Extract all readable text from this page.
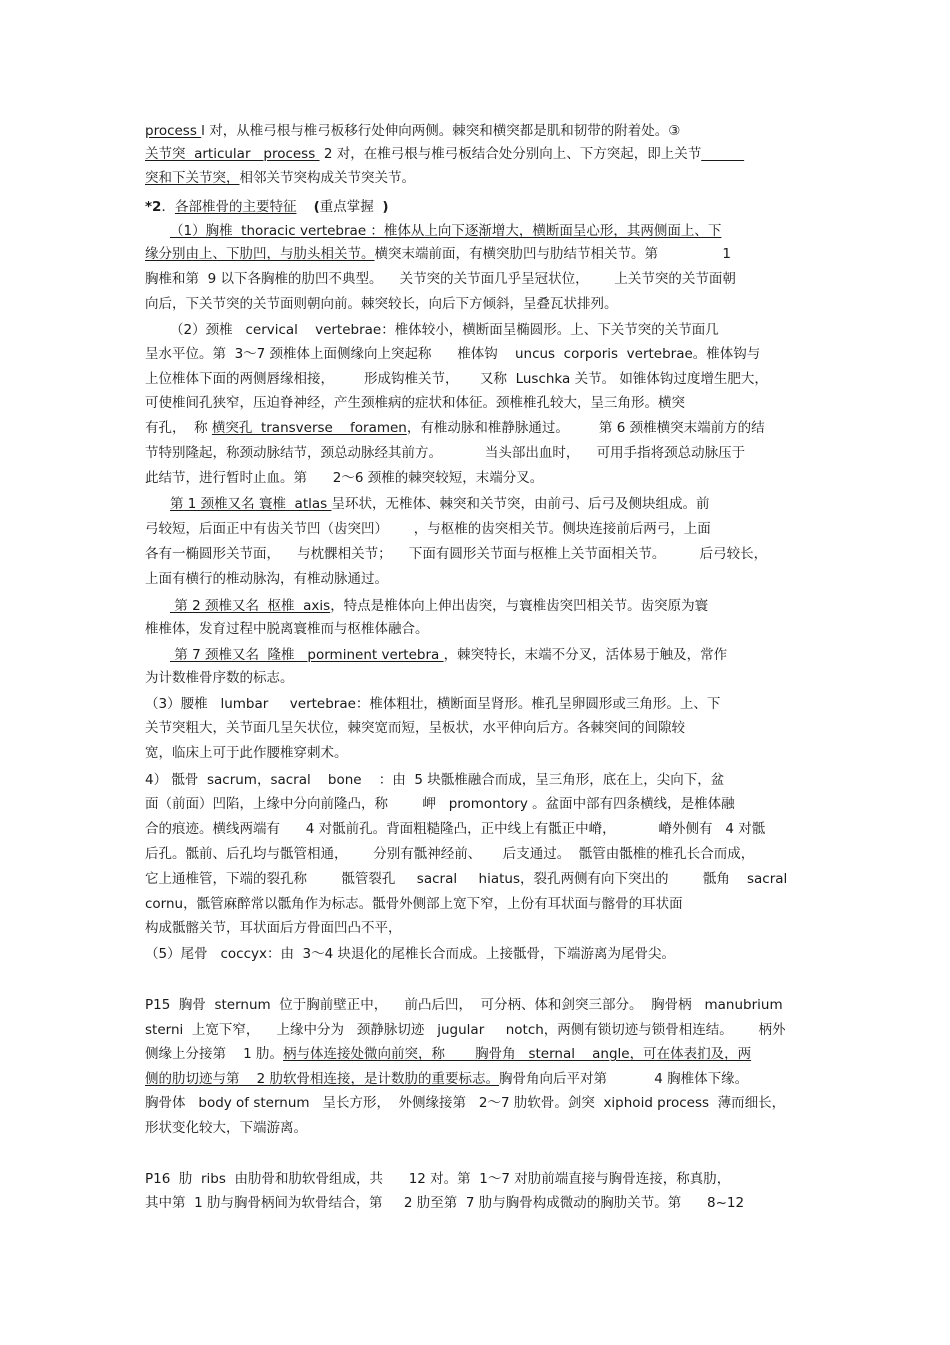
process l 对，从椎弓根与椎弓板移行处伸向两侧。棘突和横突都是肌和韧带的附着处。③
关节突  articular   process  2 对，在椎弓根与椎弓板结合处分别向上、下方突起，即上关节
突和下关节突，相邻关节突构成关节突关节。
*2．各部椎骨的主要特征 (重点掌握  )
（1）胸椎  thoracic vertebrae ：椎体从上向下逐渐增大，横断面呈心形，其两侧面上、下
缘分别由上、下肋凹，与肋头相关节。横突末端前面，有横突肋凹与肋结节相关节。第               1
胸椎和第  9 以下各胸椎的肋凹不典型。    关节突的关节面几乎呈冠状位，      上关节突的关节面朝
向后，下关节突的关节面则朝向前。棘突较长，向后下方倾斜，呈叠瓦状排列。
（2）颈椎   cervical    vertebrae：椎体较小，横断面呈椭圆形。上、下关节突的关节面几
呈水平位。第  3～7 颈椎体上面侧缘向上突起称      椎体钩    uncus  corporis  vertebrae。椎体钩与
上位椎体下面的两侧唇缘相接，       形成钩椎关节，     又称  Luschka 关节。 如锥体钩过度增生肥大，
可使椎间孔狭窄，压迫脊神经，产生颈椎病的症状和体征。颈椎椎孔较大，呈三角形。横突
有孔，  称 横突孔  transverse    foramen，有椎动脉和椎静脉通过。       第 6 颈椎横突末端前方的结
节特别隆起，称颈动脉结节，颈总动脉经其前方。          当头部出血时，    可用手指将颈总动脉压于
此结节，进行暂时止血。第      2～6 颈椎的棘突较短，末端分叉。
第 1 颈椎又名 寰椎  atlas 呈环状，无椎体、棘突和关节突，由前弓、后弓及侧块组成。前
弓较短，后面正中有齿关节凹（齿突凹）      ，与枢椎的齿突相关节。侧块连接前后两弓，上面
各有一椭圆形关节面，    与枕髁相关节；    下面有圆形关节面与枢椎上关节面相关节。        后弓较长，
上面有横行的椎动脉沟，有椎动脉通过。
第 2 颈椎又名  枢椎  axis，特点是椎体向上伸出齿突，与寰椎齿突凹相关节。齿突原为寰
椎椎体，发育过程中脱离寰椎而与枢椎体融合。
第 7 颈椎又名  隆椎   porminent vertebra ，棘突特长，末端不分叉，活体易于触及，常作
为计数椎骨序数的标志。
（3）腰椎   lumbar     vertebrae：椎体粗壮，横断面呈肾形。椎孔呈卵圆形或三角形。上、下
关节突粗大，关节面几呈矢状位，棘突宽而短，呈板状，水平伸向后方。各棘突间的间隙较
宽，临床上可于此作腰椎穿刺术。
4） 骶骨  sacrum，sacral    bone    ：由  5 块骶椎融合而成，呈三角形，底在上，尖向下，盆
面（前面）凹陷，上缘中分向前隆凸，称        岬   promontory 。盆面中部有四条横线，是椎体融
合的痕迹。横线两端有      4 对骶前孔。背面粗糙隆凸，正中线上有骶正中嵴，          嵴外侧有   4 对骶
后孔。骶前、后孔均与骶管相通，      分别有骶神经前、     后支通过。  骶管由骶椎的椎孔长合而成，
它上通椎管，下端的裂孔称        骶管裂孔     sacral     hiatus，裂孔两侧有向下突出的        骶角    sacral
cornu，骶管麻醉常以骶角作为标志。骶骨外侧部上宽下窄，上份有耳状面与髂骨的耳状面
构成骶髂关节，耳状面后方骨面凹凸不平，
（5）尾骨   coccyx：由  3～4 块退化的尾椎长合而成。上接骶骨，下端游离为尾骨尖。
P15  胸骨  sternum  位于胸前壁正中，    前凸后凹，  可分柄、体和剑突三部分。  胸骨柄   manubrium
sterni  上宽下窄，    上缘中分为   颈静脉切迹   jugular     notch，两侧有锁切迹与锁骨相连结。      柄外
侧缘上分接第    1 肋。柄与体连接处微向前突，称       胸骨角   sternal    angle，可在体表扪及，两
侧的肋切迹与第    2 肋软骨相连接，是计数肋的重要标志。胸骨角向后平对第           4 胸椎体下缘。
胸骨体   body of sternum   呈长方形，  外侧缘接第   2～7 肋软骨。剑突  xiphoid process  薄而细长，
形状变化较大，下端游离。
P16  肋  ribs  由肋骨和肋软骨组成，共      12 对。第  1～7 对肋前端直接与胸骨连接，称真肋，
其中第  1 肋与胸骨柄间为软骨结合，第     2 肋至第  7 肋与胸骨构成微动的胸肋关节。第      8~12
